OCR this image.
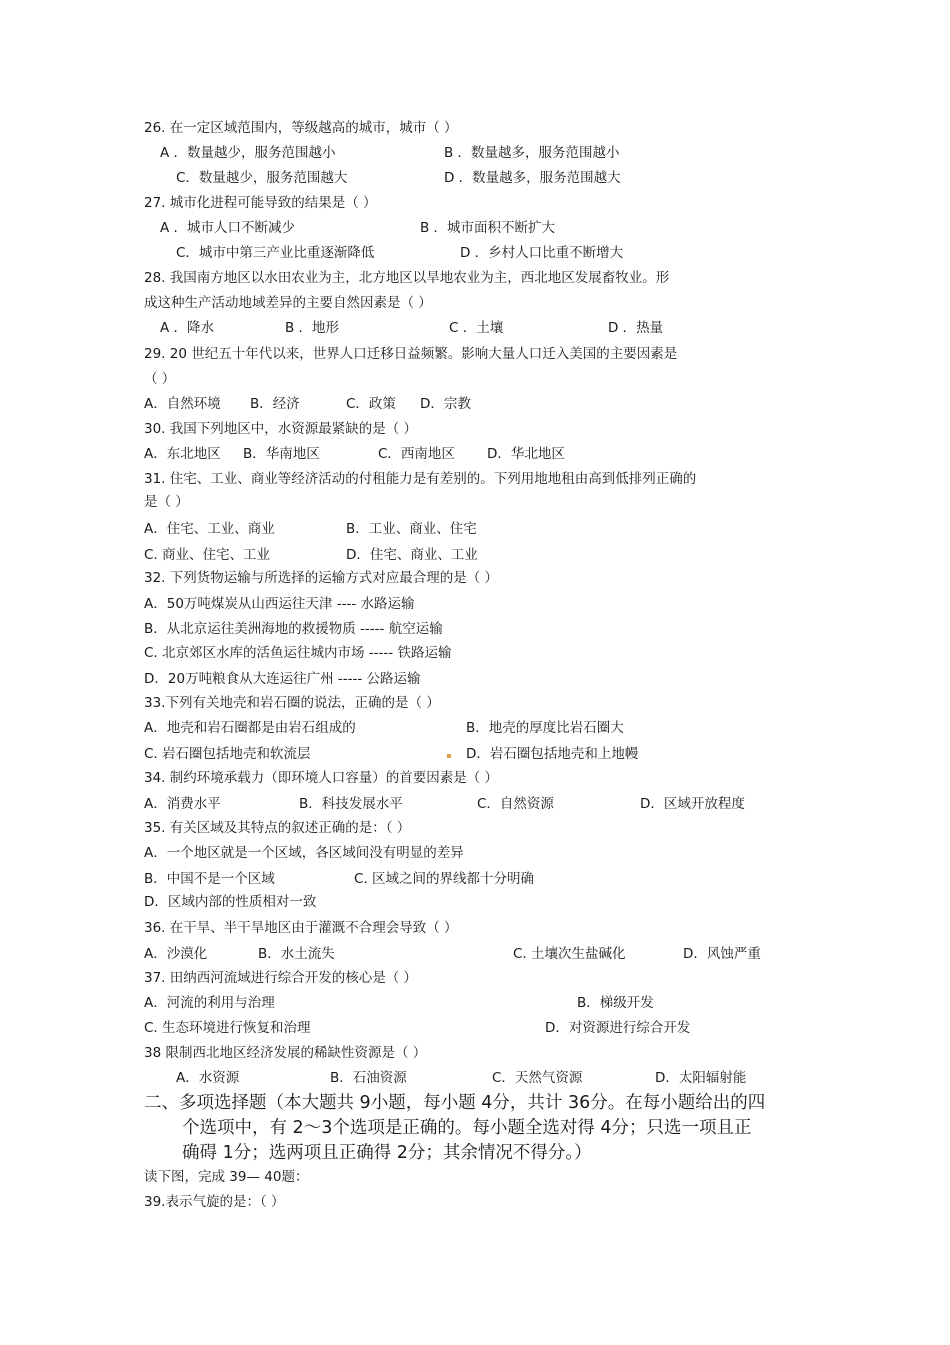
26. 在一定区域范围内，等级越高的城市，城市（ ）
A ．数量越少，服务范围越小	B ．数量越多，服务范围越小
C．数量越少，服务范围越大	D ．数量越多，服务范围越大
27. 城市化进程可能导致的结果是（ ）
A ．城市人口不断减少	B ．城市面积不断扩大
C．城市中第三产业比重逐渐降低	D ．乡村人口比重不断增大
28. 我国南方地区以水田农业为主，北方地区以旱地农业为主，西北地区发展畜牧业。形
成这种生产活动地域差异的主要自然因素是（ ）
A ．降水	B ．地形	C ．土壤	D ．热量
29. 20 世纪五十年代以来，世界人口迁移日益频繁。影响大量人口迁入美国的主要因素是
（ ）
A．自然环境 B．经济	C．政策 D．宗教
30. 我国下列地区中，水资源最紧缺的是（ ）
A．东北地区 B．华南地区	C．西南地区 D．华北地区
31. 住宅、工业、商业等经济活动的付租能力是有差别的。下列用地地租由高到低排列正确的
是（ ）
A．住宅、工业、商业	B．工业、商业、住宅
C. 商业、住宅、工业	D．住宅、商业、工业
32. 下列货物运输与所选择的运输方式对应最合理的是（ ）
A．50万吨煤炭从山西运往天津 ---- 水路运输
B．从北京运往美洲海地的救援物质 ----- 航空运输
C. 北京郊区水库的活鱼运往城内市场 ----- 铁路运输
D．20万吨粮食从大连运往广州 ----- 公路运输
33.下列有关地壳和岩石圈的说法，正确的是（ ）
A．地壳和岩石圈都是由岩石组成的	B．地壳的厚度比岩石圈大
C. 岩石圈包括地壳和软流层	D．岩石圈包括地壳和上地幔
34. 制约环境承载力（即环境人口容量）的首要因素是（ ）
A．消费水平	B．科技发展水平	C．自然资源	D．区域开放程度
35. 有关区域及其特点的叙述正确的是：（ ）
A．一个地区就是一个区域，各区域间没有明显的差异
B．中国不是一个区域	C. 区域之间的界线都十分明确
D．区域内部的性质相对一致
36. 在干旱、半干旱地区由于灌溉不合理会导致（ ）
A．沙漠化	B．水土流失	C. 土壤次生盐碱化	D．风蚀严重
37. 田纳西河流域进行综合开发的核心是（ ）
A．河流的利用与治理	B．梯级开发
C. 生态环境进行恢复和治理	D．对资源进行综合开发
38 限制西北地区经济发展的稀缺性资源是（ ）
A．水资源	B．石油资源	C．天然气资源	D．太阳辐射能
二、多项选择题（本大题共 9小题，每小题 4分，共计 36分。在每小题给出的四
个选项中，有 2～3个选项是正确的。每小题全选对得 4分；只选一项且正
确碍 1分；选两项且正确得 2分；其余情况不得分。）
读下图，完成 39— 40题：
39.表示气旋的是：（ ）
